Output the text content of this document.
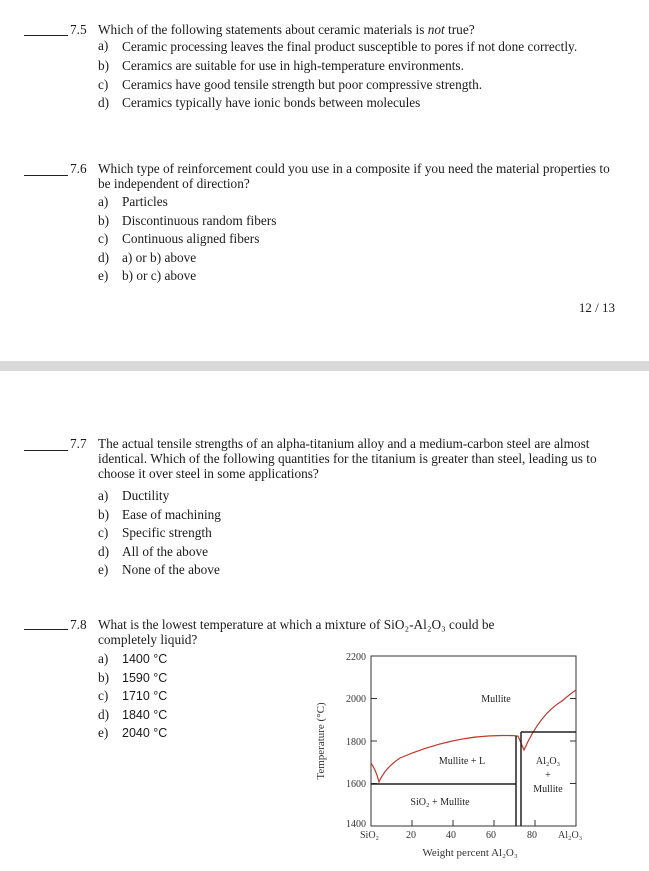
7.5 Which of the following statements about ceramic materials is not true?
a) Ceramic processing leaves the final product susceptible to pores if not done correctly.
b) Ceramics are suitable for use in high-temperature environments.
c) Ceramics have good tensile strength but poor compressive strength.
d) Ceramics typically have ionic bonds between molecules
7.6 Which type of reinforcement could you use in a composite if you need the material properties to be independent of direction?
a) Particles
b) Discontinuous random fibers
c) Continuous aligned fibers
d) a) or b) above
e) b) or c) above
12 / 13
7.7 The actual tensile strengths of an alpha-titanium alloy and a medium-carbon steel are almost identical. Which of the following quantities for the titanium is greater than steel, leading us to choose it over steel in some applications?
a) Ductility
b) Ease of machining
c) Specific strength
d) All of the above
e) None of the above
7.8 What is the lowest temperature at which a mixture of SiO₂-Al₂O₃ could be
completely liquid?
a) 1400 °C
b) 1590 °C
c) 1710 °C
d) 1840 °C
e) 2040 °C
2200
2000
1800
1600
1400
Temperature (°C)
SiO₂	20	40	60	80 Al₂O₃
Weight percent Al₂O₃
Mullite
Mullite + L
SiO₂ + Mullite
Al₂O₃
+
Mullite
